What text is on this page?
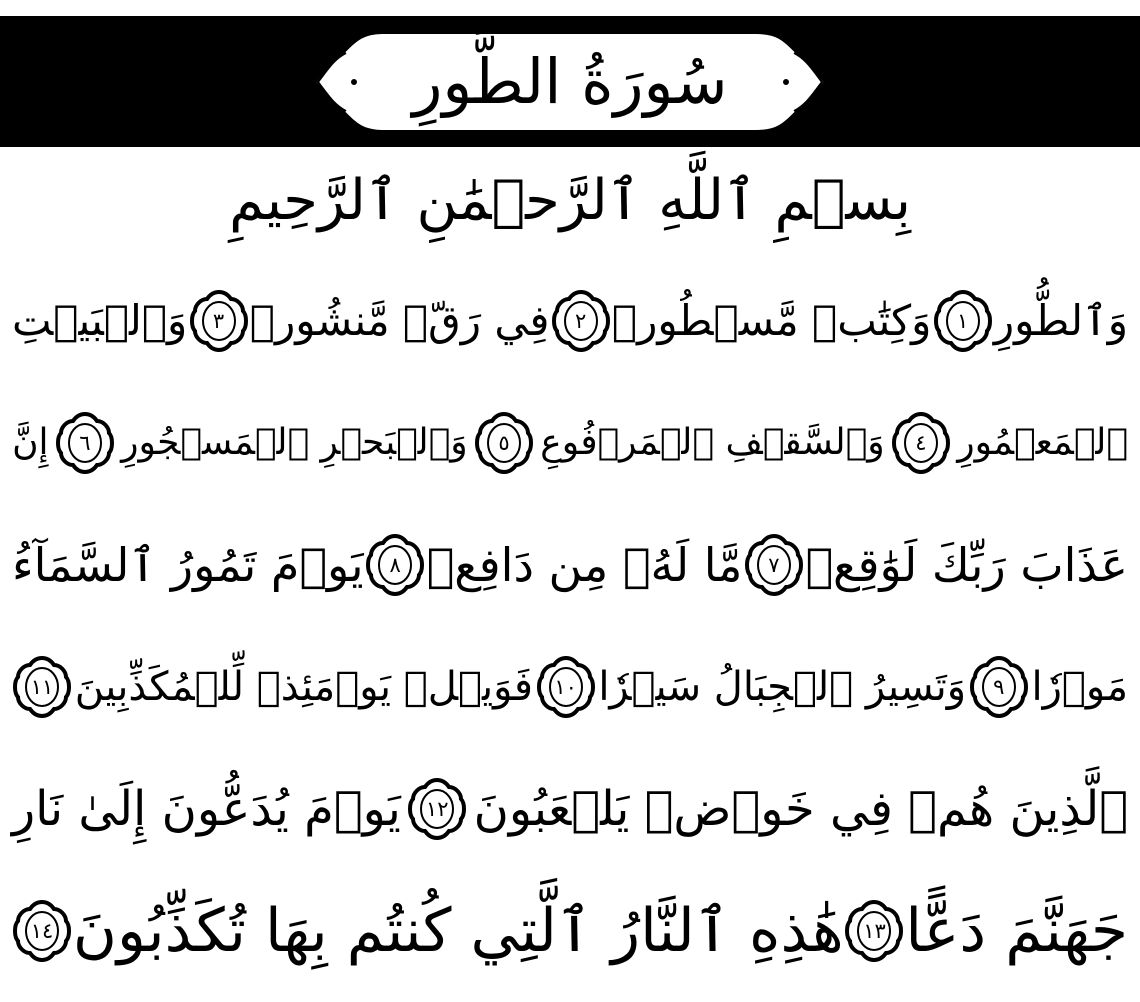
سُورَةُ الطُّورِ
بِسۡمِ ٱللَّهِ ٱلرَّحۡمَٰنِ ٱلرَّحِيمِ
وَٱلطُّورِ
١
وَكِتَٰبٖ مَّسۡطُورٖ
٢
فِي رَقّٖ مَّنشُورٖ
٣
وَٱلۡبَيۡتِ
ٱلۡمَعۡمُورِ
٤
وَٱلسَّقۡفِ ٱلۡمَرۡفُوعِ
٥
وَٱلۡبَحۡرِ ٱلۡمَسۡجُورِ
٦
إِنَّ
عَذَابَ رَبِّكَ لَوَٰقِعٞ
٧
مَّا لَهُۥ مِن دَافِعٖ
٨
يَوۡمَ تَمُورُ ٱلسَّمَآءُ
مَوۡرٗا
٩
وَتَسِيرُ ٱلۡجِبَالُ سَيۡرٗا
١٠
فَوَيۡلٞ يَوۡمَئِذٖ لِّلۡمُكَذِّبِينَ
١١
ٱلَّذِينَ هُمۡ فِي خَوۡضٖ يَلۡعَبُونَ
١٢
يَوۡمَ يُدَعُّونَ إِلَىٰ نَارِ
جَهَنَّمَ دَعًّا
١٣
هَٰذِهِ ٱلنَّارُ ٱلَّتِي كُنتُم بِهَا تُكَذِّبُونَ
١٤
